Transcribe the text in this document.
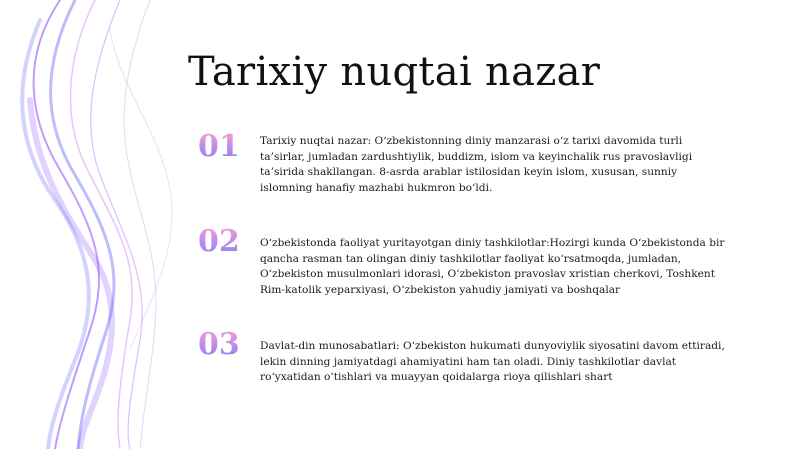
Tarixiy nuqtai nazar
01	Tarixiy nuqtai nazar: O‘zbekistonning diniy manzarasi o‘z tarixi davomida turli ta’sirlar, jumladan zardushtiylik, buddizm, islom va keyinchalik rus pravoslavligi ta’sirida shakllangan. 8-asrda arablar istilosidan keyin islom, xususan, sunniy islomning hanafiy mazhabi hukmron bo‘ldi.
02	O‘zbekistonda faoliyat yuritayotgan diniy tashkilotlar:Hozirgi kunda O‘zbekistonda bir qancha rasman tan olingan diniy tashkilotlar faoliyat ko‘rsatmoqda, jumladan, O‘zbekiston musulmonlari idorasi, O‘zbekiston pravoslav xristian cherkovi, Toshkent Rim-katolik yeparxiyasi, O‘zbekiston yahudiy jamiyati va boshqalar
03	Davlat-din munosabatlari: O‘zbekiston hukumati dunyoviylik siyosatini davom ettiradi, lekin dinning jamiyatdagi ahamiyatini ham tan oladi. Diniy tashkilotlar davlat ro‘yxatidan o‘tishlari va muayyan qoidalarga rioya qilishlari shart
